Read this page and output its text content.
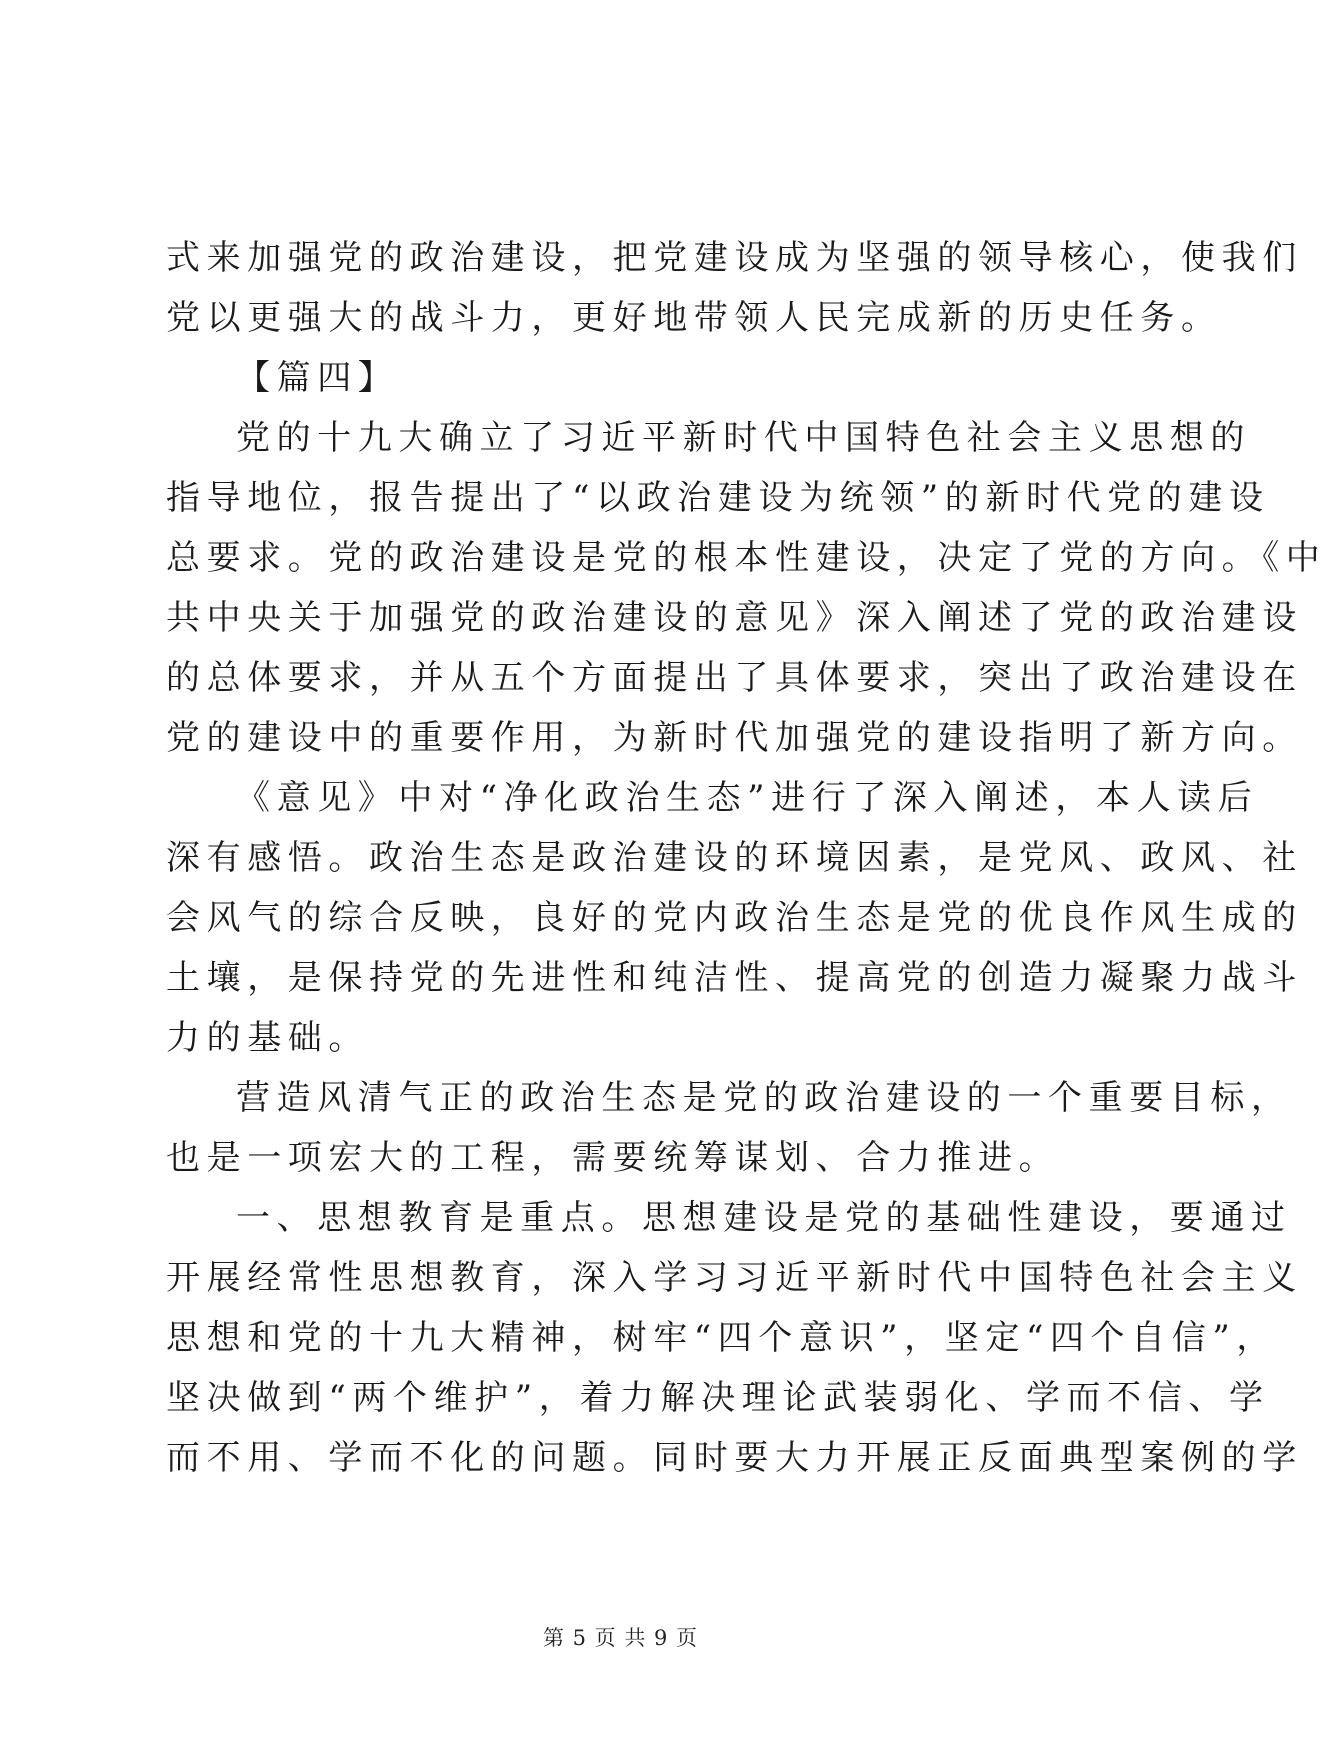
式来加强党的政治建设，把党建设成为坚强的领导核心，使我们
党以更强大的战斗力，更好地带领人民完成新的历史任务。
【篇四】
党的十九大确立了习近平新时代中国特色社会主义思想的
指导地位，报告提出了“以政治建设为统领”的新时代党的建设
总要求。党的政治建设是党的根本性建设，决定了党的方向。《中
共中央关于加强党的政治建设的意见》深入阐述了党的政治建设
的总体要求，并从五个方面提出了具体要求，突出了政治建设在
党的建设中的重要作用，为新时代加强党的建设指明了新方向。
《意见》中对“净化政治生态”进行了深入阐述，本人读后
深有感悟。政治生态是政治建设的环境因素，是党风、政风、社
会风气的综合反映，良好的党内政治生态是党的优良作风生成的
土壤，是保持党的先进性和纯洁性、提高党的创造力凝聚力战斗
力的基础。
营造风清气正的政治生态是党的政治建设的一个重要目标，
也是一项宏大的工程，需要统筹谋划、合力推进。
一、思想教育是重点。思想建设是党的基础性建设，要通过
开展经常性思想教育，深入学习习近平新时代中国特色社会主义
思想和党的十九大精神，树牢“四个意识”，坚定“四个自信”，
坚决做到“两个维护”，着力解决理论武装弱化、学而不信、学
而不用、学而不化的问题。同时要大力开展正反面典型案例的学
第 5 页 共 9 页
